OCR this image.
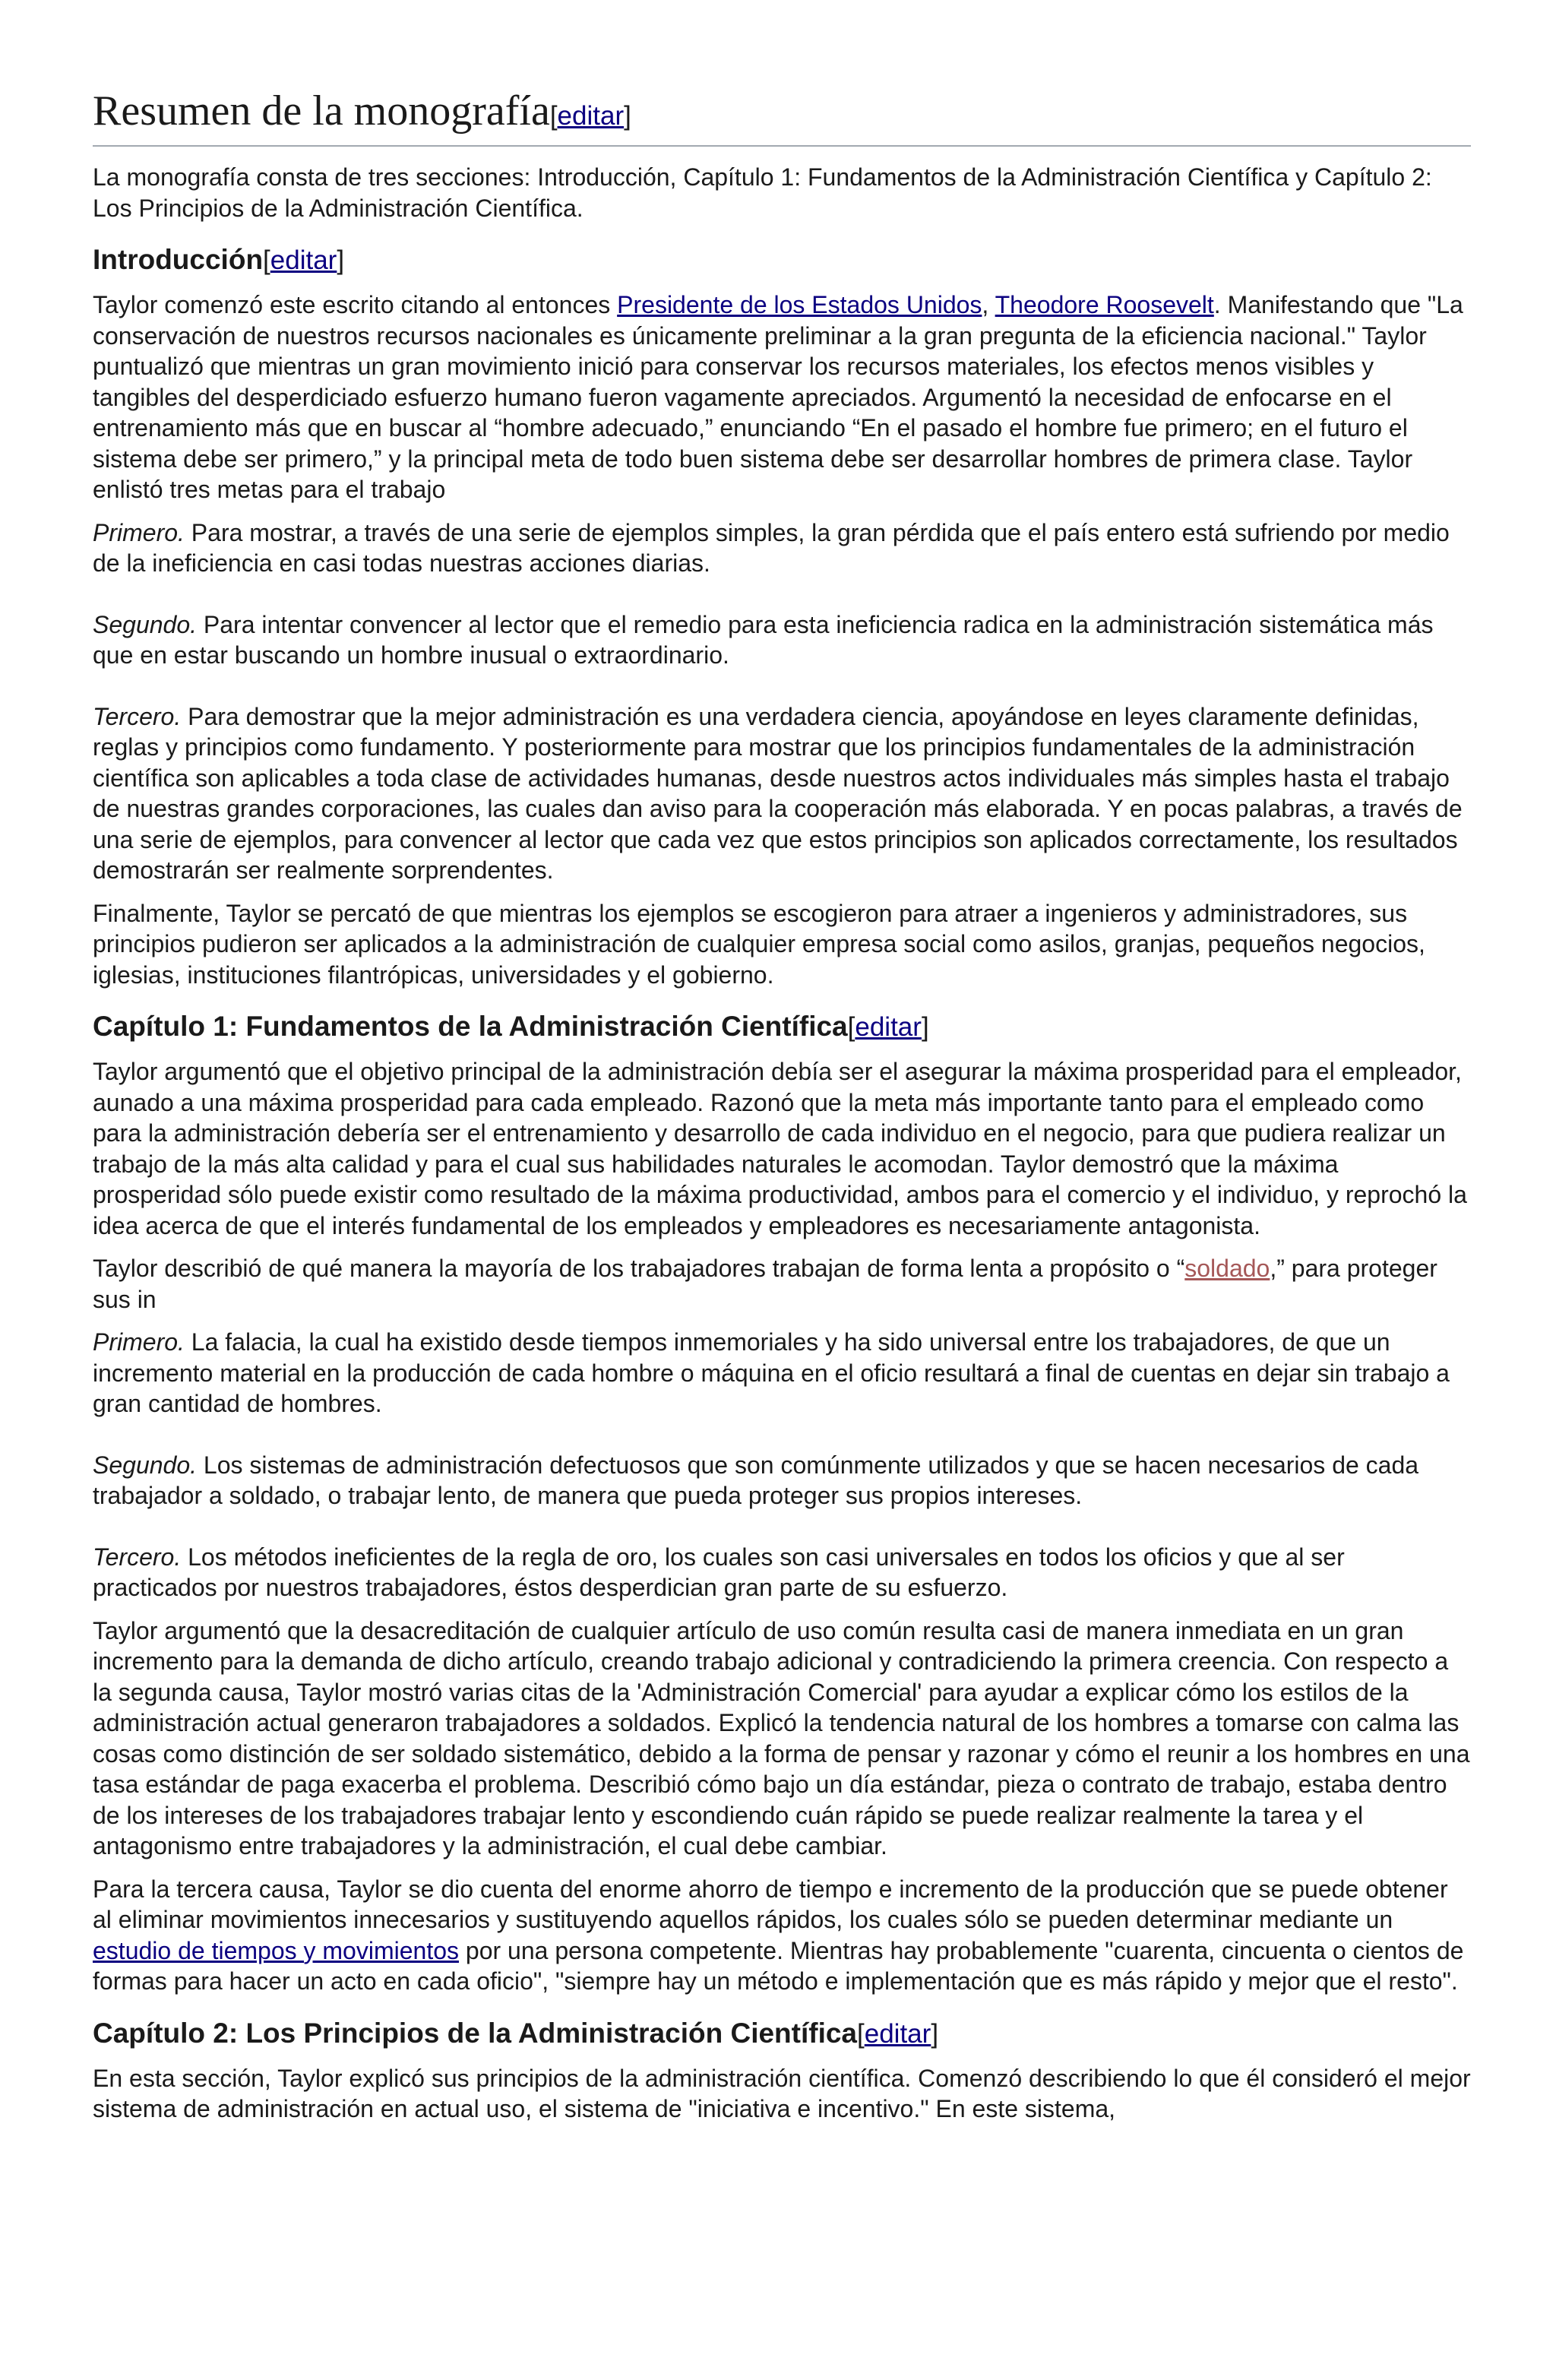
Resumen de la monografía[editar]

La monografía consta de tres secciones: Introducción, Capítulo 1: Fundamentos de la Administración Científica y Capítulo 2: Los Principios de la Administración Científica.

Introducción[editar]

Taylor comenzó este escrito citando al entonces Presidente de los Estados Unidos, Theodore Roosevelt. Manifestando que "La conservación de nuestros recursos nacionales es únicamente preliminar a la gran pregunta de la eficiencia nacional." Taylor puntualizó que mientras un gran movimiento inició para conservar los recursos materiales, los efectos menos visibles y tangibles del desperdiciado esfuerzo humano fueron vagamente apreciados. Argumentó la necesidad de enfocarse en el entrenamiento más que en buscar al “hombre adecuado,” enunciando “En el pasado el hombre fue primero; en el futuro el sistema debe ser primero,” y la principal meta de todo buen sistema debe ser desarrollar hombres de primera clase. Taylor enlistó tres metas para el trabajo

Primero. Para mostrar, a través de una serie de ejemplos simples, la gran pérdida que el país entero está sufriendo por medio de la ineficiencia en casi todas nuestras acciones diarias.

Segundo. Para intentar convencer al lector que el remedio para esta ineficiencia radica en la administración sistemática más que en estar buscando un hombre inusual o extraordinario.

Tercero. Para demostrar que la mejor administración es una verdadera ciencia, apoyándose en leyes claramente definidas, reglas y principios como fundamento. Y posteriormente para mostrar que los principios fundamentales de la administración científica son aplicables a toda clase de actividades humanas, desde nuestros actos individuales más simples hasta el trabajo de nuestras grandes corporaciones, las cuales dan aviso para la cooperación más elaborada. Y en pocas palabras, a través de una serie de ejemplos, para convencer al lector que cada vez que estos principios son aplicados correctamente, los resultados demostrarán ser realmente sorprendentes.

Finalmente, Taylor se percató de que mientras los ejemplos se escogieron para atraer a ingenieros y administradores, sus principios pudieron ser aplicados a la administración de cualquier empresa social como asilos, granjas, pequeños negocios, iglesias, instituciones filantrópicas, universidades y el gobierno.

Capítulo 1: Fundamentos de la Administración Científica[editar]

Taylor argumentó que el objetivo principal de la administración debía ser el asegurar la máxima prosperidad para el empleador, aunado a una máxima prosperidad para cada empleado. Razonó que la meta más importante tanto para el empleado como para la administración debería ser el entrenamiento y desarrollo de cada individuo en el negocio, para que pudiera realizar un trabajo de la más alta calidad y para el cual sus habilidades naturales le acomodan. Taylor demostró que la máxima prosperidad sólo puede existir como resultado de la máxima productividad, ambos para el comercio y el individuo, y reprochó la idea acerca de que el interés fundamental de los empleados y empleadores es necesariamente antagonista.

Taylor describió de qué manera la mayoría de los trabajadores trabajan de forma lenta a propósito o “soldado,” para proteger sus in

Primero. La falacia, la cual ha existido desde tiempos inmemoriales y ha sido universal entre los trabajadores, de que un incremento material en la producción de cada hombre o máquina en el oficio resultará a final de cuentas en dejar sin trabajo a gran cantidad de hombres.

Segundo. Los sistemas de administración defectuosos que son comúnmente utilizados y que se hacen necesarios de cada trabajador a soldado, o trabajar lento, de manera que pueda proteger sus propios intereses.

Tercero. Los métodos ineficientes de la regla de oro, los cuales son casi universales en todos los oficios y que al ser practicados por nuestros trabajadores, éstos desperdician gran parte de su esfuerzo.

Taylor argumentó que la desacreditación de cualquier artículo de uso común resulta casi de manera inmediata en un gran incremento para la demanda de dicho artículo, creando trabajo adicional y contradiciendo la primera creencia. Con respecto a la segunda causa, Taylor mostró varias citas de la 'Administración Comercial' para ayudar a explicar cómo los estilos de la administración actual generaron trabajadores a soldados. Explicó la tendencia natural de los hombres a tomarse con calma las cosas como distinción de ser soldado sistemático, debido a la forma de pensar y razonar y cómo el reunir a los hombres en una tasa estándar de paga exacerba el problema. Describió cómo bajo un día estándar, pieza o contrato de trabajo, estaba dentro de los intereses de los trabajadores trabajar lento y escondiendo cuán rápido se puede realizar realmente la tarea y el antagonismo entre trabajadores y la administración, el cual debe cambiar.

Para la tercera causa, Taylor se dio cuenta del enorme ahorro de tiempo e incremento de la producción que se puede obtener al eliminar movimientos innecesarios y sustituyendo aquellos rápidos, los cuales sólo se pueden determinar mediante un estudio de tiempos y movimientos por una persona competente. Mientras hay probablemente "cuarenta, cincuenta o cientos de formas para hacer un acto en cada oficio", "siempre hay un método e implementación que es más rápido y mejor que el resto".

Capítulo 2: Los Principios de la Administración Científica[editar]

En esta sección, Taylor explicó sus principios de la administración científica. Comenzó describiendo lo que él consideró el mejor sistema de administración en actual uso, el sistema de "iniciativa e incentivo." En este sistema,
